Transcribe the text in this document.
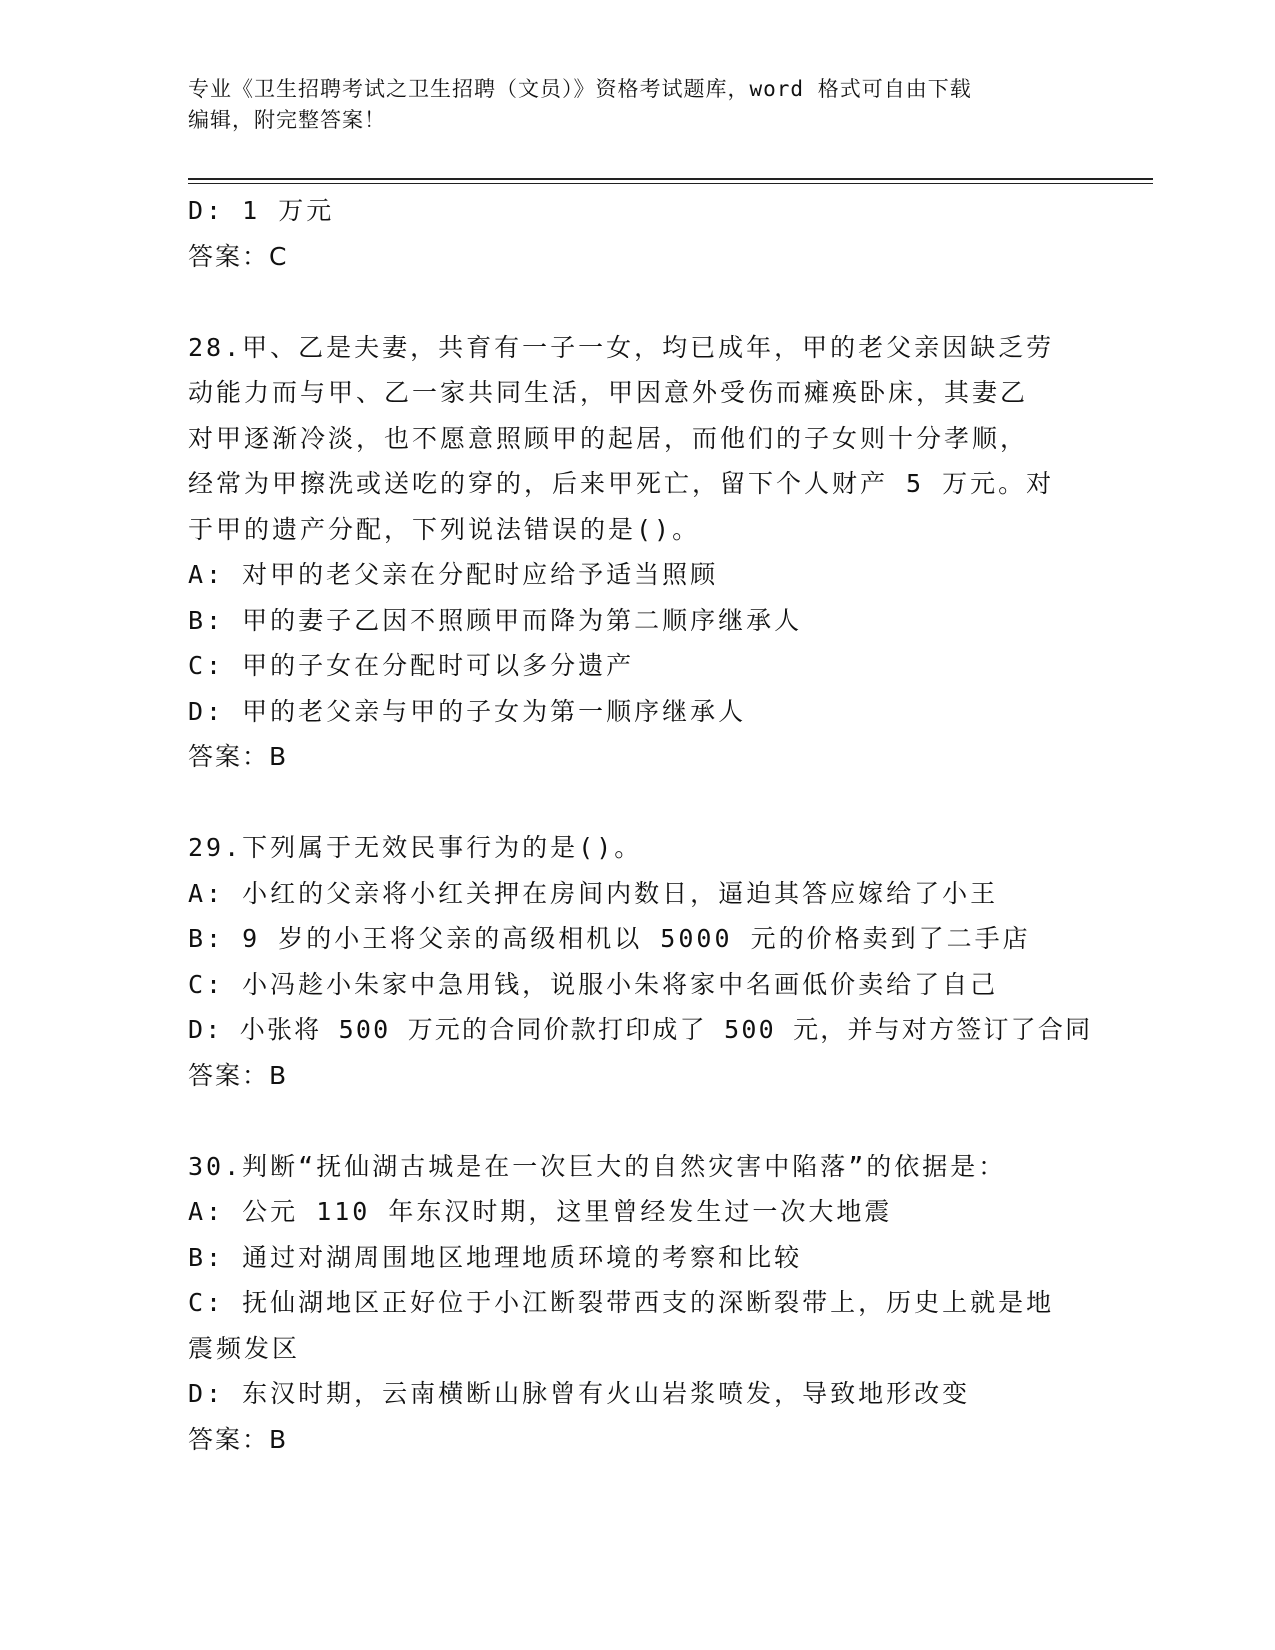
专业《卫生招聘考试之卫生招聘（文员）》资格考试题库，word 格式可自由下载
编辑，附完整答案！
D: 1 万元
答案：C
28.甲、乙是夫妻，共育有一子一女，均已成年，甲的老父亲因缺乏劳
动能力而与甲、乙一家共同生活，甲因意外受伤而瘫痪卧床，其妻乙
对甲逐渐冷淡，也不愿意照顾甲的起居，而他们的子女则十分孝顺，
经常为甲擦洗或送吃的穿的，后来甲死亡，留下个人财产 5 万元。对
于甲的遗产分配，下列说法错误的是()。
A: 对甲的老父亲在分配时应给予适当照顾
B: 甲的妻子乙因不照顾甲而降为第二顺序继承人
C: 甲的子女在分配时可以多分遗产
D: 甲的老父亲与甲的子女为第一顺序继承人
答案：B
29.下列属于无效民事行为的是()。
A: 小红的父亲将小红关押在房间内数日，逼迫其答应嫁给了小王
B: 9 岁的小王将父亲的高级相机以 5000 元的价格卖到了二手店
C: 小冯趁小朱家中急用钱，说服小朱将家中名画低价卖给了自己
D: 小张将 500 万元的合同价款打印成了 500 元，并与对方签订了合同
答案：B
30.判断“抚仙湖古城是在一次巨大的自然灾害中陷落”的依据是：
A: 公元 110 年东汉时期，这里曾经发生过一次大地震
B: 通过对湖周围地区地理地质环境的考察和比较
C: 抚仙湖地区正好位于小江断裂带西支的深断裂带上，历史上就是地
震频发区
D: 东汉时期，云南横断山脉曾有火山岩浆喷发，导致地形改变
答案：B
